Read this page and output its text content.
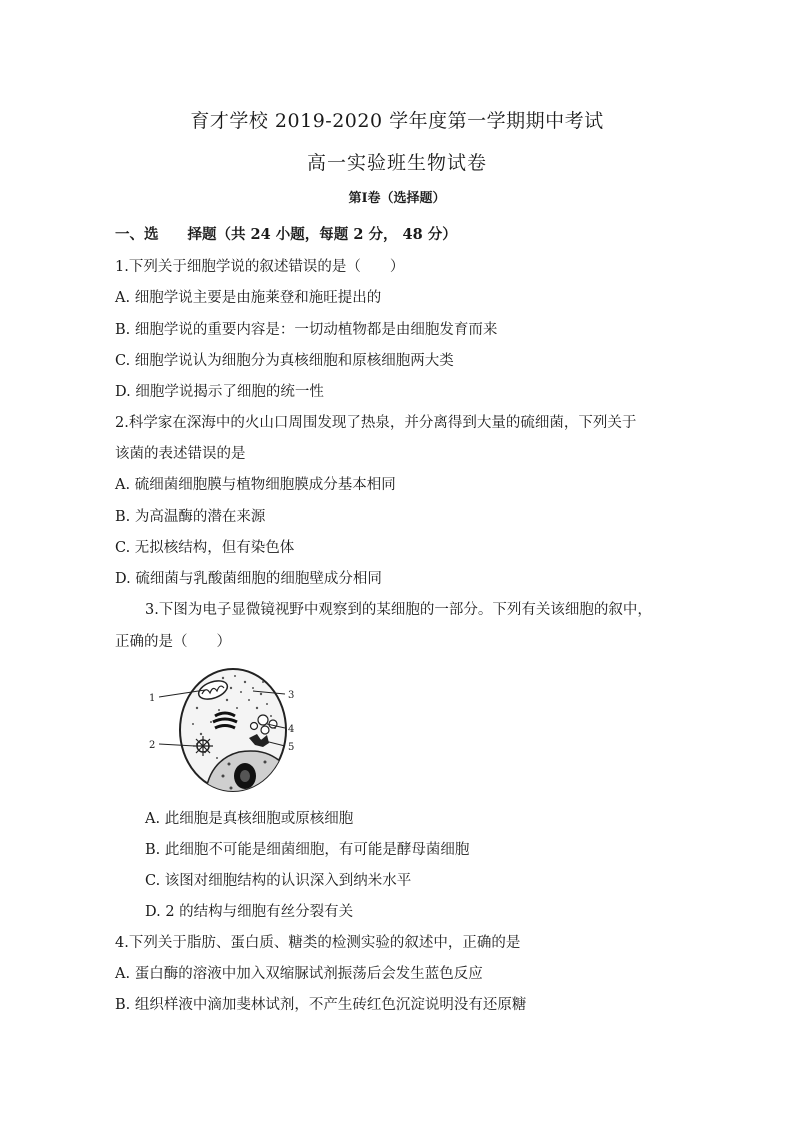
育才学校 2019-2020 学年度第一学期期中考试
高一实验班生物试卷
第Ⅰ卷（选择题）
一、选　　择题（共 24 小题，每题 2 分， 48 分）
1.下列关于细胞学说的叙述错误的是（　　）
A. 细胞学说主要是由施莱登和施旺提出的
B. 细胞学说的重要内容是：一切动植物都是由细胞发育而来
C. 细胞学说认为细胞分为真核细胞和原核细胞两大类
D. 细胞学说揭示了细胞的统一性
2.科学家在深海中的火山口周围发现了热泉，并分离得到大量的硫细菌，下列关于
该菌的表述错误的是
A. 硫细菌细胞膜与植物细胞膜成分基本相同
B. 为高温酶的潜在来源
C. 无拟核结构，但有染色体
D. 硫细菌与乳酸菌细胞的细胞壁成分相同
3.下图为电子显微镜视野中观察到的某细胞的一部分。下列有关该细胞的叙中，
正确的是（　　）
1
2
3
4
5
A. 此细胞是真核细胞或原核细胞
B. 此细胞不可能是细菌细胞，有可能是酵母菌细胞
C. 该图对细胞结构的认识深入到纳米水平
D. 2 的结构与细胞有丝分裂有关
4.下列关于脂肪、蛋白质、糖类的检测实验的叙述中，正确的是
A. 蛋白酶的溶液中加入双缩脲试剂振荡后会发生蓝色反应
B. 组织样液中滴加斐林试剂，不产生砖红色沉淀说明没有还原糖
